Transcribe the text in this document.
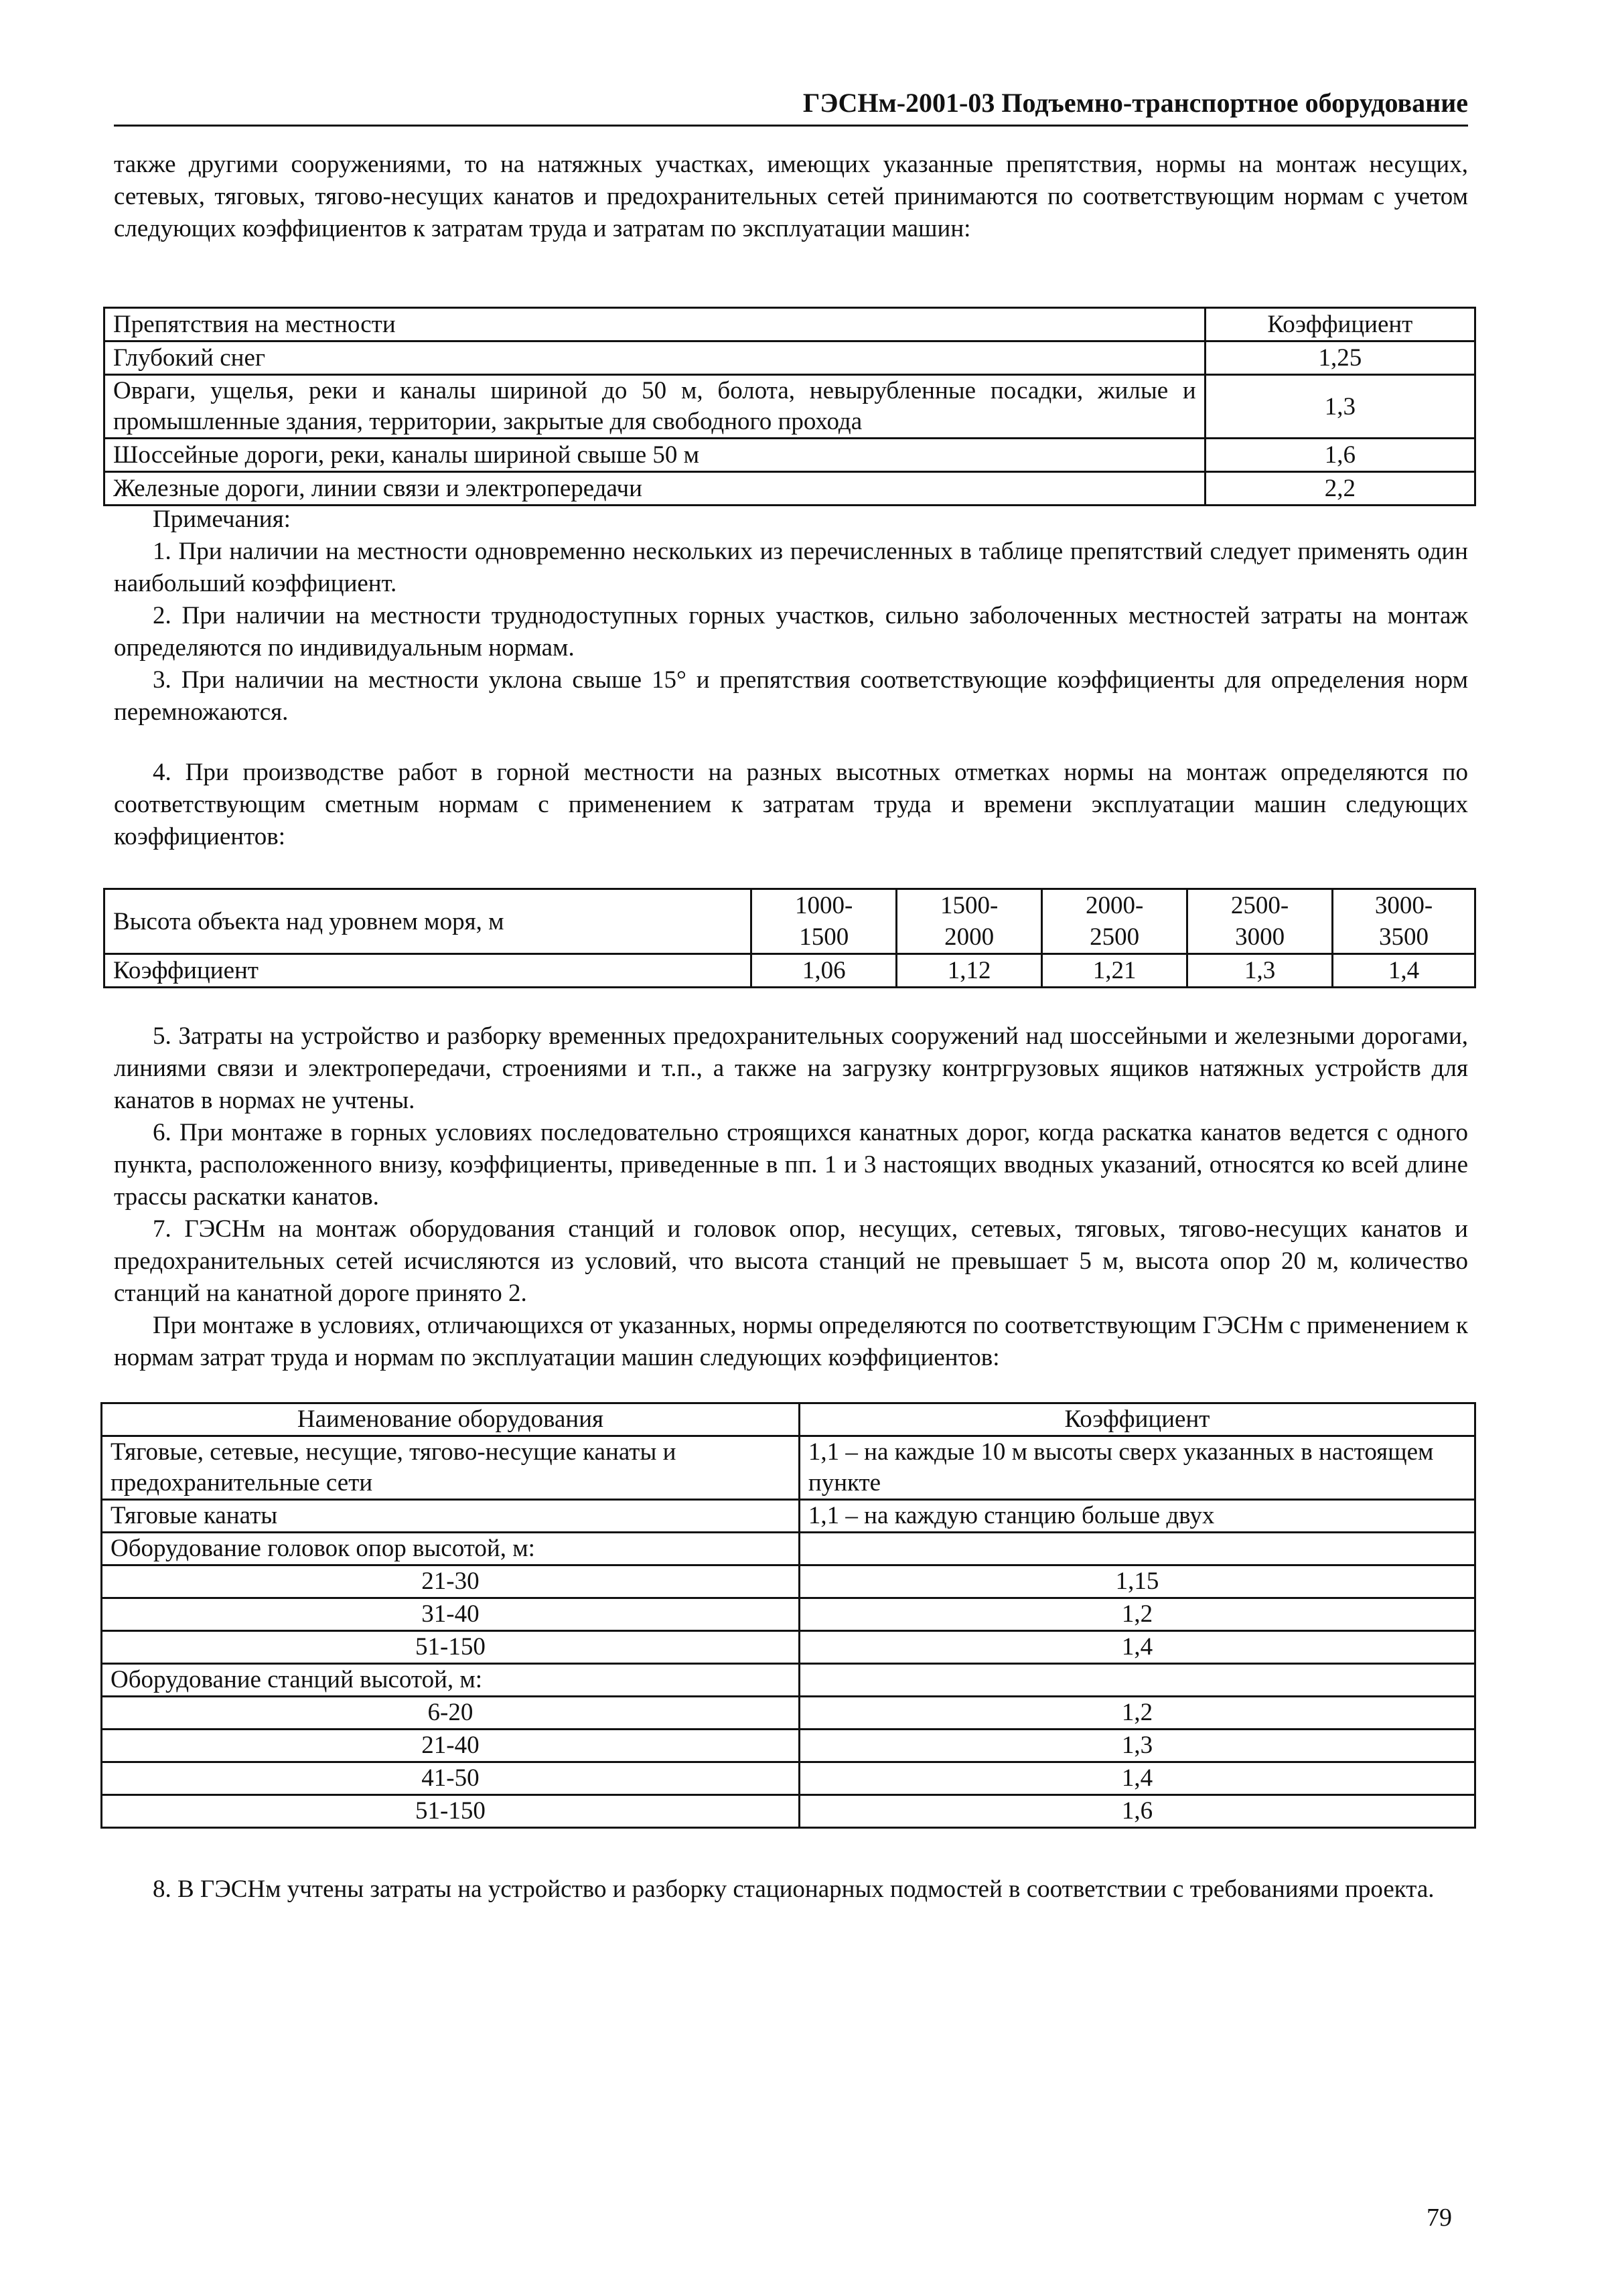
ГЭСНм-2001-03 Подъемно-транспортное оборудование

также другими сооружениями, то на натяжных участках, имеющих указанные препятствия, нормы на монтаж несущих, сетевых, тяговых, тягово-несущих канатов и предохранительных сетей принимаются по соответствующим нормам с учетом следующих коэффициентов к затратам труда и затратам по эксплуатации машин:

Препятствия на местности	Коэффициент
Глубокий снег	1,25
Овраги, ущелья, реки и каналы шириной до 50 м, болота, невырубленные посадки, жилые и промышленные здания, территории, закрытые для свободного прохода	1,3
Шоссейные дороги, реки, каналы шириной свыше 50 м	1,6
Железные дороги, линии связи и электропередачи	2,2

Примечания:

1. При наличии на местности одновременно нескольких из перечисленных в таблице препятствий следует применять один наибольший коэффициент.

2. При наличии на местности труднодоступных горных участков, сильно заболоченных местностей затраты на монтаж определяются по индивидуальным нормам.

3. При наличии на местности уклона свыше 15° и препятствия соответствующие коэффициенты для определения норм перемножаются.

4. При производстве работ в горной местности на разных высотных отметках нормы на монтаж определяются по соответствующим сметным нормам с применением к затратам труда и времени эксплуатации машин следующих коэффициентов:

Высота объекта над уровнем моря, м	1000-1500	1500-2000	2000-2500	2500-3000	3000-3500
Коэффициент	1,06	1,12	1,21	1,3	1,4

5. Затраты на устройство и разборку временных предохранительных сооружений над шоссейными и железными дорогами, линиями связи и электропередачи, строениями и т.п., а также на загрузку контргрузовых ящиков натяжных устройств для канатов в нормах не учтены.

6. При монтаже в горных условиях последовательно строящихся канатных дорог, когда раскатка канатов ведется с одного пункта, расположенного внизу, коэффициенты, приведенные в пп. 1 и 3 настоящих вводных указаний, относятся ко всей длине трассы раскатки канатов.

7. ГЭСНм на монтаж оборудования станций и головок опор, несущих, сетевых, тяговых, тягово-несущих канатов и предохранительных сетей исчисляются из условий, что высота станций не превышает 5 м, высота опор 20 м, количество станций на канатной дороге принято 2.

При монтаже в условиях, отличающихся от указанных, нормы определяются по соответствующим ГЭСНм с применением к нормам затрат труда и нормам по эксплуатации машин следующих коэффициентов:

Наименование оборудования	Коэффициент
Тяговые, сетевые, несущие, тягово-несущие канаты и предохранительные сети	1,1 – на каждые 10 м высоты сверх указанных в настоящем пункте
Тяговые канаты	1,1 – на каждую станцию больше двух
Оборудование головок опор высотой, м:	
21-30	1,15
31-40	1,2
51-150	1,4
Оборудование станций высотой, м:	
6-20	1,2
21-40	1,3
41-50	1,4
51-150	1,6

8. В ГЭСНм учтены затраты на устройство и разборку стационарных подмостей в соответствии с требованиями проекта.

79
